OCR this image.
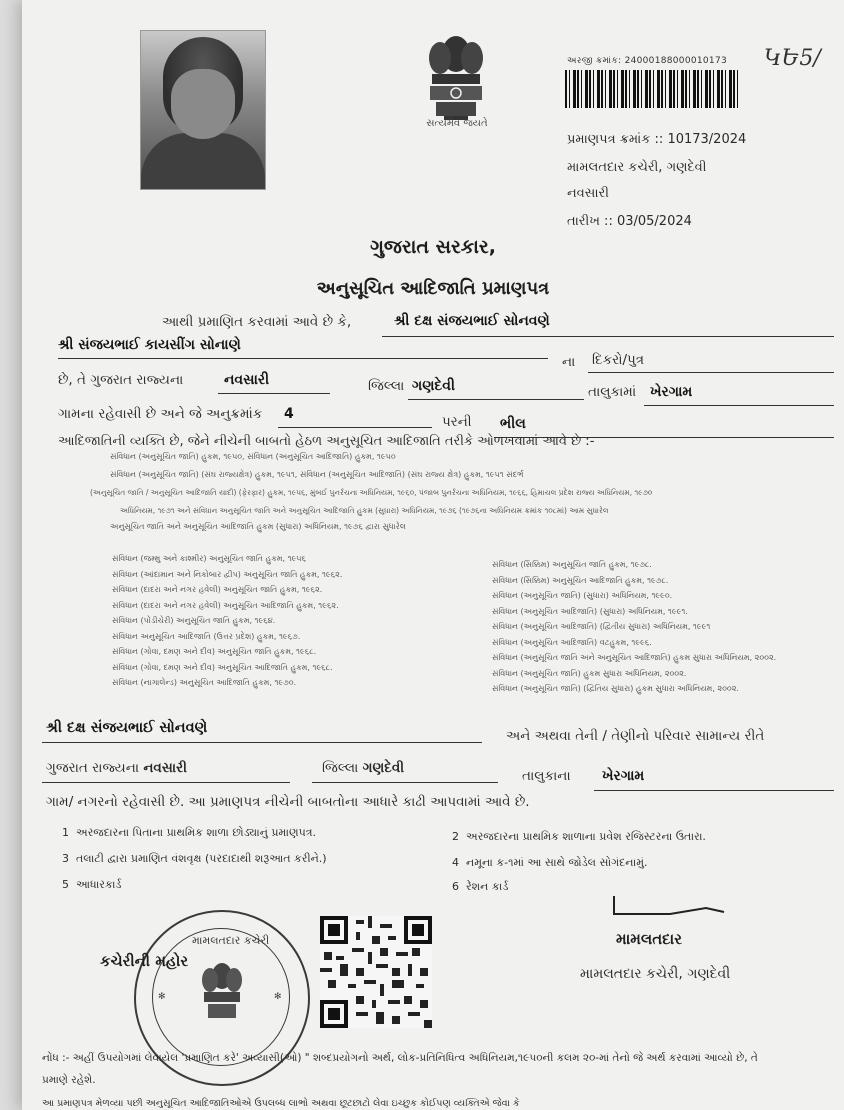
સત્યમેવ જયતે
અરજી ક્રમાંક: 24000188000010173 ԿԵ5/
પ્રમાણપત્ર ક્રમાંક :: 10173/2024
મામલતદાર કચેરી, ગણદેવી
નવસારી
તારીખ :: 03/05/2024
ગુજરાત સરકાર,
અનુસૂચિત આદિજાતિ પ્રમાણપત્ર
આથી પ્રમાણિત કરવામાં આવે છે કે,	શ્રી દક્ષ સંજયભાઈ સોનવણે
શ્રી સંજયભાઈ કાયસીંગ સોનાણે
ના દિકરો/પુત્ર
છે, તે ગુજરાત રાજ્યના	નવસારી	જિલ્લા ગણદેવી	તાલુકામાં ખેરગામ
ગામના રહેવાસી છે અને જે અનુક્રમાંક 4	પરની ભીલ
આદિજાતિની વ્યક્તિ છે, જેને નીચેની બાબતો હેઠળ અનુસૂચિત આદિજાતિ તરીકે ઓળખવામાં આવે છે :-
સંવિધાન (અનુસૂચિત જાતિ) હુકમ, ૧૯૫૦, સંવિધાન (અનુસૂચિત આદિજાતિ) હુકમ, ૧૯૫૦
સંવિધાન (અનુસૂચિત જાતિ) (સંઘ રાજ્યક્ષેત્ર) હુકમ, ૧૯૫૧, સંવિધાન (અનુસૂચિત આદિજાતિ) (સંઘ રાજ્ય ક્ષેત્ર) હુકમ, ૧૯૫૧ સંદર્ભ
(અનુસૂચિત જાતિ / અનુસૂચિત આદિજાતિ યાદી) (ફેરફાર) હુકમ, ૧૯૫૬, મુંબઈ પુનર્રચના અધિનિયમ, ૧૯૬૦, પંજાબ પુનર્રચના અધિનિયમ, ૧૯૬૬, હિમાચલ પ્રદેશ રાજ્ય અધિનિયમ, ૧૯૭૦
અધિનિયમ, ૧૯૭૧ અને સંવિધાન અનુસૂચિત જાતિ અને અનુસૂચિત આદિજાતિ હુકમ (સુધારા) અધિનિયમ, ૧૯૭૬ (૧૯૭૬ના અધિનિયમ ક્રમાંક ૧૦૮માં) આમ સુધારેલ
અનુસૂચિત જાતિ અને અનુસૂચિત આદિજાતિ હુકમ (સુધારા) અધિનિયમ, ૧૯૭૬ દ્વારા સુધારેલ
સંવિધાન (જમ્મુ અને કાશ્મીર) અનુસૂચિત જાતિ હુકમ, ૧૯૫૬
સંવિધાન (આંદામાન અને નિકોબાર દ્વીપ) અનુસૂચિત જાતિ હુકમ, ૧૯૬૨.
સંવિધાન (દાદરા અને નગર હવેલી) અનુસૂચિત જાતિ હુકમ, ૧૯૬૨.
સંવિધાન (દાદરા અને નગર હવેલી) અનુસૂચિત આદિજાતિ હુકમ, ૧૯૬૨.
સંવિધાન (પોંડીચેરી) અનુસૂચિત જાતિ હુકમ, ૧૯૬૪.
સંવિધાન અનુસૂચિત આદિજાતિ (ઉત્તર પ્રદેશ) હુકમ, ૧૯૬૭.
સંવિધાન (ગોવા, દમણ અને દીવ) અનુસૂચિત જાતિ હુકમ, ૧૯૬૮.
સંવિધાન (ગોવા, દમણ અને દીવ) અનુસૂચિત આદિજાતિ હુકમ, ૧૯૬૮.
સંવિધાન (નાગાલેન્ડ) અનુસૂચિત આદિજાતિ હુકમ, ૧૯૭૦.
સંવિધાન (સિક્કિમ) અનુસૂચિત જાતિ હુકમ, ૧૯૭૮.
સંવિધાન (સિક્કિમ) અનુસૂચિત આદિજાતિ હુકમ, ૧૯૭૮.
સંવિધાન (અનુસૂચિત જાતિ) (સુધારા) અધિનિયમ, ૧૯૯૦.
સંવિધાન (અનુસૂચિત આદિજાતિ) (સુધારા) અધિનિયમ, ૧૯૯૧.
સંવિધાન (અનુસૂચિત આદિજાતિ) (દ્વિતીય સુધારા) અધિનિયમ, ૧૯૯૧
સંવિધાન (અનુસૂચિત આદિજાતિ) વટહુકમ, ૧૯૯૬.
સંવિધાન (અનુસૂચિત જાતિ અને અનુસૂચિત આદિજાતિ) હુકમ સુધારા અધિનિયમ, ૨૦૦૨.
સંવિધાન (અનુસૂચિત જાતિ) હુકમ સુધારા અધિનિયમ, ૨૦૦૨.
સંવિધાન (અનુસૂચિત જાતિ) (દ્વિતિય સુધારા) હુકમ સુધારા અધિનિયમ, ૨૦૦૨.
શ્રી દક્ષ સંજયભાઈ સોનવણે	અને અથવા તેની / તેણીનો પરિવાર સામાન્ય રીતે
ગુજરાત રાજ્યના નવસારી	જિલ્લા ગણદેવી	તાલુકાના ખેરગામ
ગામ/ નગરનો રહેવાસી છે. આ પ્રમાણપત્ર નીચેની બાબતોના આધારે કાઢી આપવામાં આવે છે.
1 અરજદારના પિતાના પ્રાથમિક શાળા છોડ્યાનું પ્રમાણપત્ર.	2 અરજદારના પ્રાથમિક શાળાના પ્રવેશ રજિસ્ટરના ઉતારા.
3 તલાટી દ્વારા પ્રમાણિત વંશવૃક્ષ (પરદાદાથી શરૂઆત કરીને.)	4 નમૂના ક-૧માં આ સાથે જોડેલ સોગંદનામું.
5 આધારકાર્ડ	6 રેશન કાર્ડ
મામલતદાર કચેરી
✻	✻
કચેરીની મહોર
મામલતદાર
મામલતદાર કચેરી, ગણદેવી
નોંધ :- અહીં ઉપયોગમાં લેવાયેલ 'પ્રમાણિત કરે' અવ્યાસી(ઓ) " શબ્દપ્રયોગનો અર્થ, લોક-પ્રતિનિધિત્વ અધિનિયમ,૧૯૫૦ની કલમ ૨૦-માં તેનો જે અર્થ કરવામાં આવ્યો છે, તે
પ્રમાણે રહેશે.
આ પ્રમાણપત્ર મેળવ્યા પછી અનુસૂચિત આદિજાતિઓએ ઉપલબ્ધ લાભો અથવા છૂટછાટો લેવા ઇચ્છુક કોઈપણ વ્યક્તિએ જેવા કે
